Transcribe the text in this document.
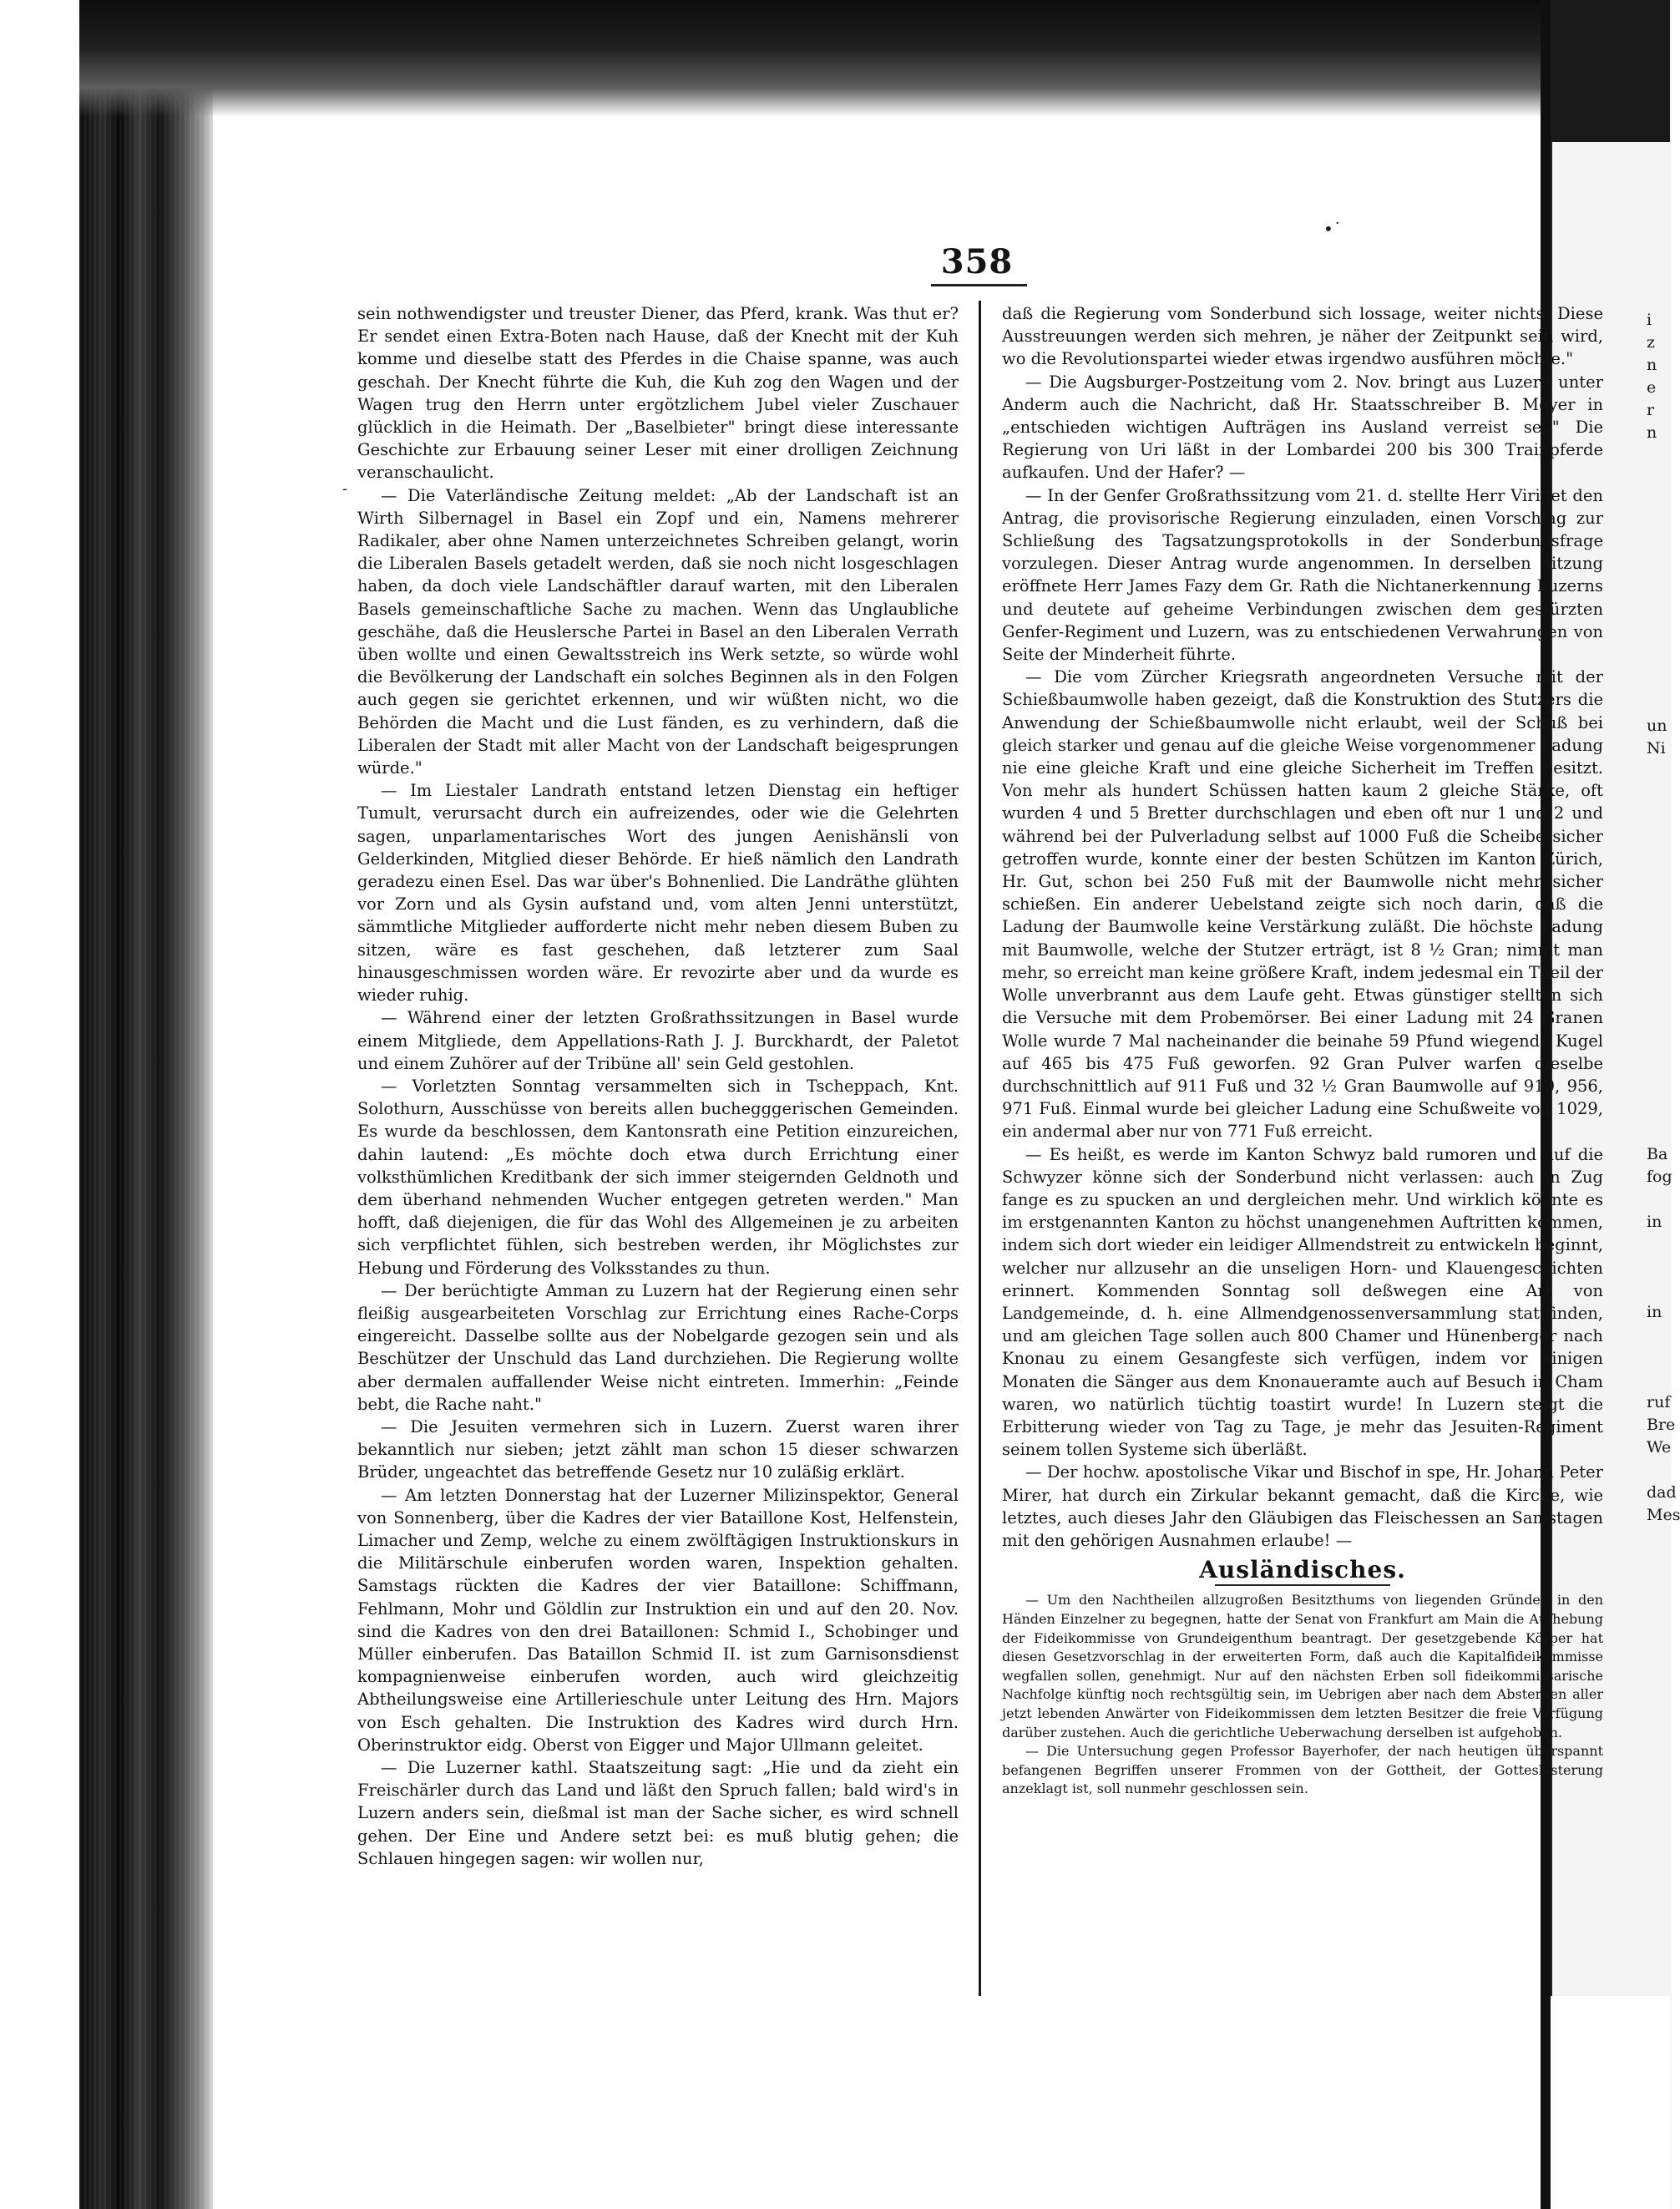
•˙
358
-

sein nothwendigster und treuster Diener, das Pferd, krank. Was thut er? Er sendet einen Extra-Boten nach Hause, daß der Knecht mit der Kuh komme und dieselbe statt des Pferdes in die Chaise spanne, was auch geschah. Der Knecht führte die Kuh, die Kuh zog den Wagen und der Wagen trug den Herrn unter ergötzlichem Jubel vieler Zuschauer glücklich in die Heimath. Der „Baselbieter" bringt diese interessante Geschichte zur Erbauung seiner Leser mit einer drolligen Zeichnung veranschaulicht.

— Die Vaterländische Zeitung meldet: „Ab der Landschaft ist an Wirth Silbernagel in Basel ein Zopf und ein, Namens mehrerer Radikaler, aber ohne Namen unterzeichnetes Schreiben gelangt, worin die Liberalen Basels getadelt werden, daß sie noch nicht losgeschlagen haben, da doch viele Landschäftler darauf warten, mit den Liberalen Basels gemeinschaftliche Sache zu machen. Wenn das Unglaubliche geschähe, daß die Heuslersche Partei in Basel an den Liberalen Verrath üben wollte und einen Gewaltsstreich ins Werk setzte, so würde wohl die Bevölkerung der Landschaft ein solches Beginnen als in den Folgen auch gegen sie gerichtet erkennen, und wir wüßten nicht, wo die Behörden die Macht und die Lust fänden, es zu verhindern, daß die Liberalen der Stadt mit aller Macht von der Landschaft beigesprungen würde."

— Im Liestaler Landrath entstand letzen Dienstag ein heftiger Tumult, verursacht durch ein aufreizendes, oder wie die Gelehrten sagen, unparlamentarisches Wort des jungen Aenishänsli von Gelderkinden, Mitglied dieser Behörde. Er hieß nämlich den Landrath geradezu einen Esel. Das war über's Bohnenlied. Die Landräthe glühten vor Zorn und als Gysin aufstand und, vom alten Jenni unterstützt, sämmtliche Mitglieder aufforderte nicht mehr neben diesem Buben zu sitzen, wäre es fast geschehen, daß letzterer zum Saal hinausgeschmissen worden wäre. Er revozirte aber und da wurde es wieder ruhig.

— Während einer der letzten Großrathssitzungen in Basel wurde einem Mitgliede, dem Appellations-Rath J. J. Burckhardt, der Paletot und einem Zuhörer auf der Tribüne all' sein Geld gestohlen.

— Vorletzten Sonntag versammelten sich in Tscheppach, Knt. Solothurn, Ausschüsse von bereits allen buchegggerischen Gemeinden. Es wurde da beschlossen, dem Kantonsrath eine Petition einzureichen, dahin lautend: „Es möchte doch etwa durch Errichtung einer volksthümlichen Kreditbank der sich immer steigernden Geldnoth und dem überhand nehmenden Wucher entgegen getreten werden." Man hofft, daß diejenigen, die für das Wohl des Allgemeinen je zu arbeiten sich verpflichtet fühlen, sich bestreben werden, ihr Möglichstes zur Hebung und Förderung des Volksstandes zu thun.

— Der berüchtigte Amman zu Luzern hat der Regierung einen sehr fleißig ausgearbeiteten Vorschlag zur Errichtung eines Rache-Corps eingereicht. Dasselbe sollte aus der Nobelgarde gezogen sein und als Beschützer der Unschuld das Land durchziehen. Die Regierung wollte aber dermalen auffallender Weise nicht eintreten. Immerhin: „Feinde bebt, die Rache naht."

— Die Jesuiten vermehren sich in Luzern. Zuerst waren ihrer bekanntlich nur sieben; jetzt zählt man schon 15 dieser schwarzen Brüder, ungeachtet das betreffende Gesetz nur 10 zuläßig erklärt.

— Am letzten Donnerstag hat der Luzerner Milizinspektor, General von Sonnenberg, über die Kadres der vier Bataillone Kost, Helfenstein, Limacher und Zemp, welche zu einem zwölftägigen Instruktionskurs in die Militärschule einberufen worden waren, Inspektion gehalten. Samstags rückten die Kadres der vier Bataillone: Schiffmann, Fehlmann, Mohr und Göldlin zur Instruktion ein und auf den 20. Nov. sind die Kadres von den drei Bataillonen: Schmid I., Schobinger und Müller einberufen. Das Bataillon Schmid II. ist zum Garnisonsdienst kompagnienweise einberufen worden, auch wird gleichzeitig Abtheilungsweise eine Artillerieschule unter Leitung des Hrn. Majors von Esch gehalten. Die Instruktion des Kadres wird durch Hrn. Oberinstruktor eidg. Oberst von Eigger und Major Ullmann geleitet.

— Die Luzerner kathl. Staatszeitung sagt: „Hie und da zieht ein Freischärler durch das Land und läßt den Spruch fallen; bald wird's in Luzern anders sein, dießmal ist man der Sache sicher, es wird schnell gehen. Der Eine und Andere setzt bei: es muß blutig gehen; die Schlauen hingegen sagen: wir wollen nur,

daß die Regierung vom Sonderbund sich lossage, weiter nichts. Diese Ausstreuungen werden sich mehren, je näher der Zeitpunkt sein wird, wo die Revolutionspartei wieder etwas irgendwo ausführen möchte."

— Die Augsburger-Postzeitung vom 2. Nov. bringt aus Luzern unter Anderm auch die Nachricht, daß Hr. Staatsschreiber B. Meyer in „entschieden wichtigen Aufträgen ins Ausland verreist sei." Die Regierung von Uri läßt in der Lombardei 200 bis 300 Trainpferde aufkaufen. Und der Hafer? —

— In der Genfer Großrathssitzung vom 21. d. stellte Herr Viridet den Antrag, die provisorische Regierung einzuladen, einen Vorschlag zur Schließung des Tagsatzungsprotokolls in der Sonderbundsfrage vorzulegen. Dieser Antrag wurde angenommen. In derselben Sitzung eröffnete Herr James Fazy dem Gr. Rath die Nichtanerkennung Luzerns und deutete auf geheime Verbindungen zwischen dem gestürzten Genfer-Regiment und Luzern, was zu entschiedenen Verwahrungen von Seite der Minderheit führte.

— Die vom Zürcher Kriegsrath angeordneten Versuche mit der Schießbaumwolle haben gezeigt, daß die Konstruktion des Stutzers die Anwendung der Schießbaumwolle nicht erlaubt, weil der Schuß bei gleich starker und genau auf die gleiche Weise vorgenommener Ladung nie eine gleiche Kraft und eine gleiche Sicherheit im Treffen besitzt. Von mehr als hundert Schüssen hatten kaum 2 gleiche Stärke, oft wurden 4 und 5 Bretter durchschlagen und eben oft nur 1 und 2 und während bei der Pulverladung selbst auf 1000 Fuß die Scheibe sicher getroffen wurde, konnte einer der besten Schützen im Kanton Zürich, Hr. Gut, schon bei 250 Fuß mit der Baumwolle nicht mehr sicher schießen. Ein anderer Uebelstand zeigte sich noch darin, daß die Ladung der Baumwolle keine Verstärkung zuläßt. Die höchste Ladung mit Baumwolle, welche der Stutzer erträgt, ist 8 ½ Gran; nimmt man mehr, so erreicht man keine größere Kraft, indem jedesmal ein Theil der Wolle unverbrannt aus dem Laufe geht. Etwas günstiger stellten sich die Versuche mit dem Probemörser. Bei einer Ladung mit 24 Granen Wolle wurde 7 Mal nacheinander die beinahe 59 Pfund wiegende Kugel auf 465 bis 475 Fuß geworfen. 92 Gran Pulver warfen dieselbe durchschnittlich auf 911 Fuß und 32 ½ Gran Baumwolle auf 910, 956, 971 Fuß. Einmal wurde bei gleicher Ladung eine Schußweite von 1029, ein andermal aber nur von 771 Fuß erreicht.

— Es heißt, es werde im Kanton Schwyz bald rumoren und auf die Schwyzer könne sich der Sonderbund nicht verlassen: auch in Zug fange es zu spucken an und dergleichen mehr. Und wirklich könnte es im erstgenannten Kanton zu höchst unangenehmen Auftritten kommen, indem sich dort wieder ein leidiger Allmendstreit zu entwickeln beginnt, welcher nur allzusehr an die unseligen Horn- und Klauengeschichten erinnert. Kommenden Sonntag soll deßwegen eine Art von Landgemeinde, d. h. eine Allmendgenossenversammlung stattfinden, und am gleichen Tage sollen auch 800 Chamer und Hünenberger nach Knonau zu einem Gesangfeste sich verfügen, indem vor einigen Monaten die Sänger aus dem Knonaueramte auch auf Besuch in Cham waren, wo natürlich tüchtig toastirt wurde! In Luzern steigt die Erbitterung wieder von Tag zu Tage, je mehr das Jesuiten-Regiment seinem tollen Systeme sich überläßt.

— Der hochw. apostolische Vikar und Bischof in spe, Hr. Johann Peter Mirer, hat durch ein Zirkular bekannt gemacht, daß die Kirche, wie letztes, auch dieses Jahr den Gläubigen das Fleischessen an Samstagen mit den gehörigen Ausnahmen erlaube! —

Ausländisches.

— Um den Nachtheilen allzugroßen Besitzthums von liegenden Gründen in den Händen Einzelner zu begegnen, hatte der Senat von Frankfurt am Main die Aufhebung der Fideikommisse von Grundeigenthum beantragt. Der gesetzgebende Körper hat diesen Gesetzvorschlag in der erweiterten Form, daß auch die Kapitalfideikommisse wegfallen sollen, genehmigt. Nur auf den nächsten Erben soll fideikommissarische Nachfolge künftig noch rechtsgültig sein, im Uebrigen aber nach dem Absterben aller jetzt lebenden Anwärter von Fideikommissen dem letzten Besitzer die freie Verfügung darüber zustehen. Auch die gerichtliche Ueberwachung derselben ist aufgehoben.

— Die Untersuchung gegen Professor Bayerhofer, der nach heutigen überspannt befangenen Begriffen unserer Frommen von der Gottheit, der Gotteslästerung anzeklagt ist, soll nunmehr geschlossen sein.

i
z
n
e
r
n

un
Ni

Ba
fog

in

in

ruf
Bre
We

dad
Mes
